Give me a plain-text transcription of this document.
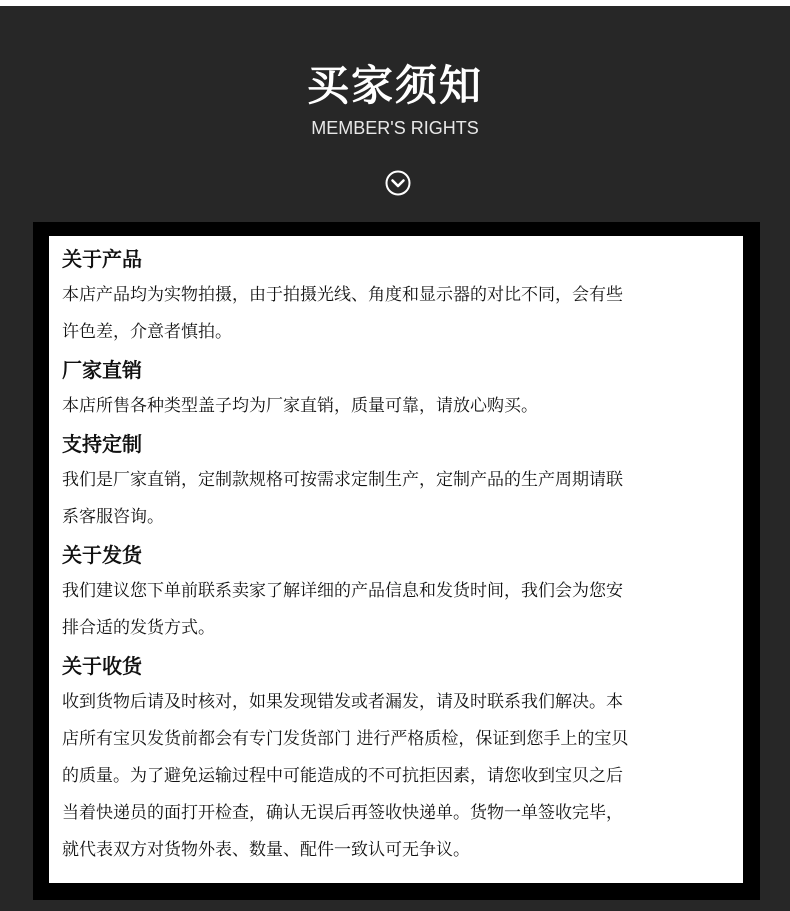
买家须知
MEMBER'S RIGHTS
关于产品
本店产品均为实物拍摄，由于拍摄光线、角度和显示器的对比不同，会有些
许色差，介意者慎拍。
厂家直销
本店所售各种类型盖子均为厂家直销，质量可靠，请放心购买。
支持定制
我们是厂家直销，定制款规格可按需求定制生产，定制产品的生产周期请联
系客服咨询。
关于发货
我们建议您下单前联系卖家了解详细的产品信息和发货时间，我们会为您安
排合适的发货方式。
关于收货
收到货物后请及时核对，如果发现错发或者漏发，请及时联系我们解决。本
店所有宝贝发货前都会有专门发货部门 进行严格质检，保证到您手上的宝贝
的质量。为了避免运输过程中可能造成的不可抗拒因素，请您收到宝贝之后
当着快递员的面打开检查，确认无误后再签收快递单。货物一单签收完毕，
就代表双方对货物外表、数量、配件一致认可无争议。
